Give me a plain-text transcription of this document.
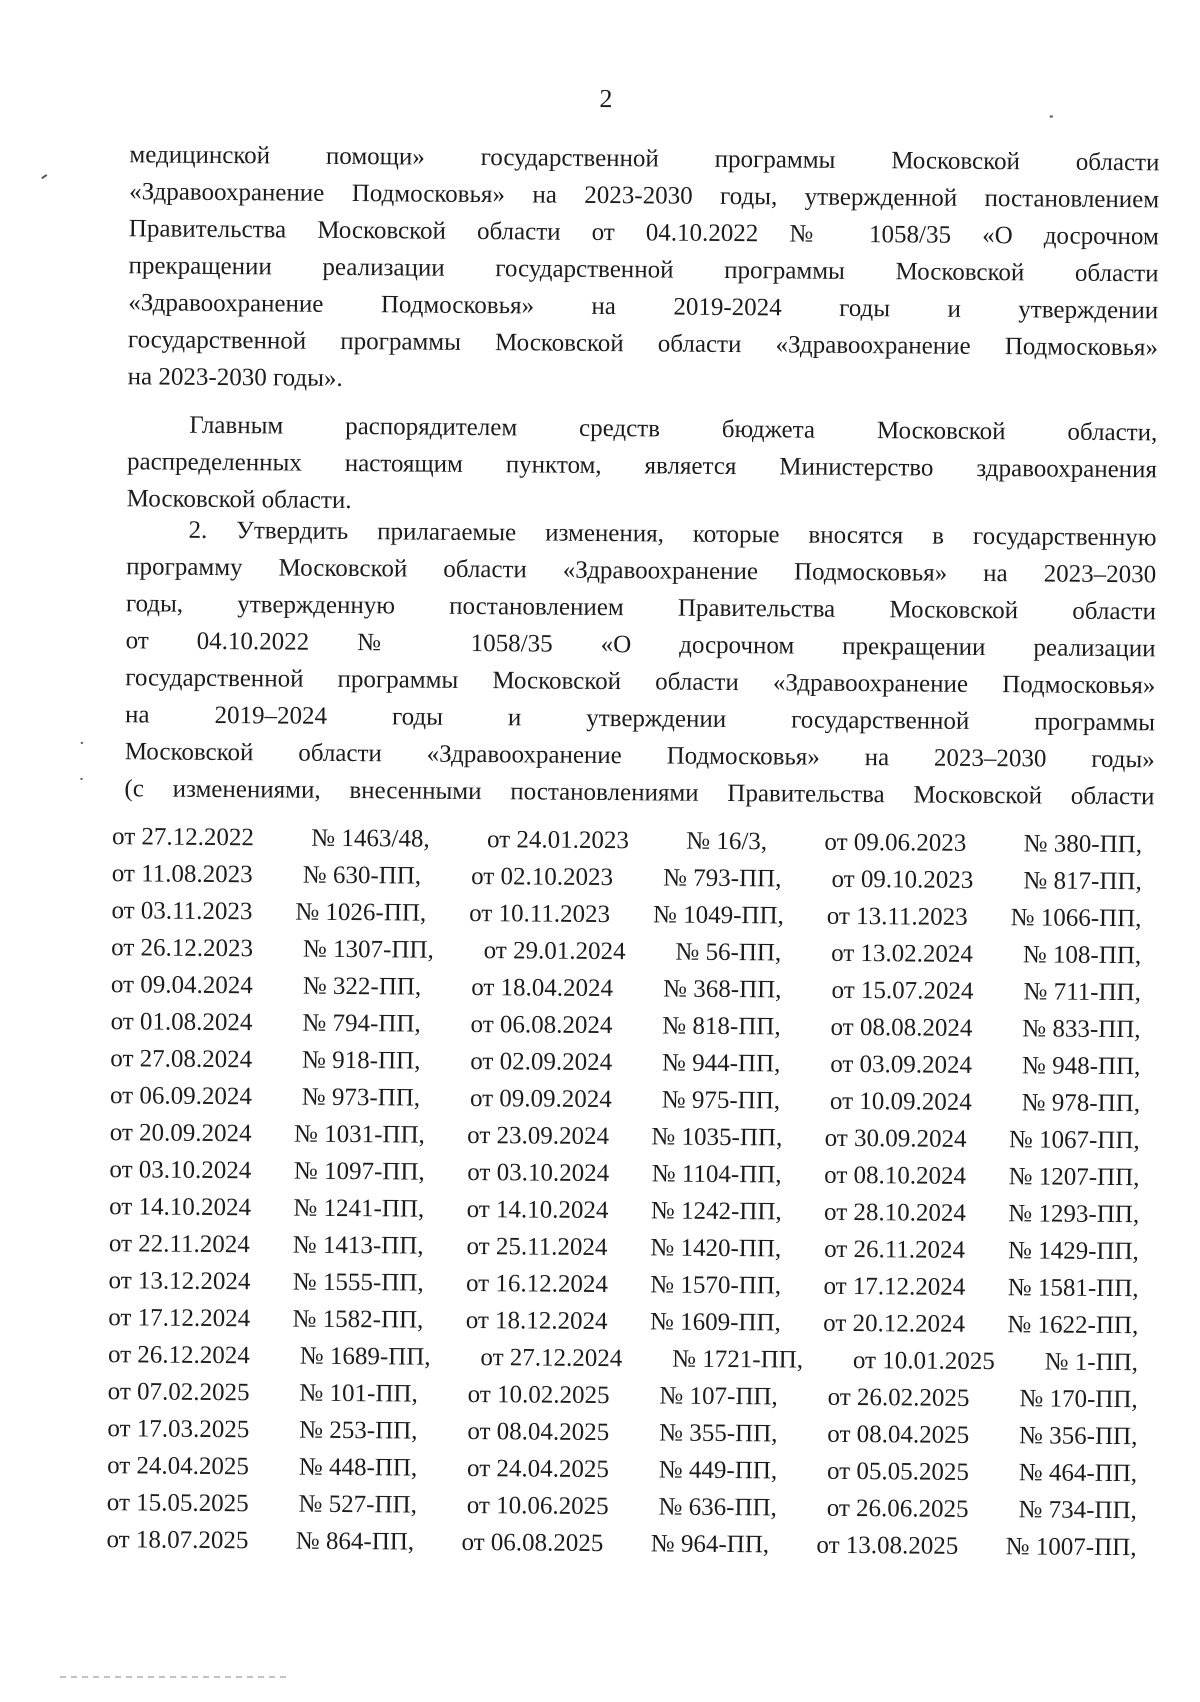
2
медицинской помощи» государственной программы Московской области
«Здравоохранение Подмосковья» на 2023-2030 годы, утвержденной постановлением
Правительства Московской области от 04.10.2022 № 1058/35 «О досрочном
прекращении реализации государственной программы Московской области
«Здравоохранение Подмосковья» на 2019-2024 годы и утверждении
государственной программы Московской области «Здравоохранение Подмосковья»
на 2023-2030 годы».
Главным распорядителем средств бюджета Московской области,
распределенных настоящим пунктом, является Министерство здравоохранения
Московской области.
2. Утвердить прилагаемые изменения, которые вносятся в государственную
программу Московской области «Здравоохранение Подмосковья» на 2023–2030
годы, утвержденную постановлением Правительства Московской области
от 04.10.2022 № 1058/35 «О досрочном прекращении реализации
государственной программы Московской области «Здравоохранение Подмосковья»
на 2019–2024 годы и утверждении государственной программы
Московской области «Здравоохранение Подмосковья» на 2023–2030 годы»
(с изменениями, внесенными постановлениями Правительства Московской области
от 27.12.2022 № 1463/48, от 24.01.2023 № 16/3, от 09.06.2023 № 380-ПП,
от 11.08.2023 № 630-ПП, от 02.10.2023 № 793-ПП, от 09.10.2023 № 817-ПП,
от 03.11.2023 № 1026-ПП, от 10.11.2023 № 1049-ПП, от 13.11.2023 № 1066-ПП,
от 26.12.2023 № 1307-ПП, от 29.01.2024 № 56-ПП, от 13.02.2024 № 108-ПП,
от 09.04.2024 № 322-ПП, от 18.04.2024 № 368-ПП, от 15.07.2024 № 711-ПП,
от 01.08.2024 № 794-ПП, от 06.08.2024 № 818-ПП, от 08.08.2024 № 833-ПП,
от 27.08.2024 № 918-ПП, от 02.09.2024 № 944-ПП, от 03.09.2024 № 948-ПП,
от 06.09.2024 № 973-ПП, от 09.09.2024 № 975-ПП, от 10.09.2024 № 978-ПП,
от 20.09.2024 № 1031-ПП, от 23.09.2024 № 1035-ПП, от 30.09.2024 № 1067-ПП,
от 03.10.2024 № 1097-ПП, от 03.10.2024 № 1104-ПП, от 08.10.2024 № 1207-ПП,
от 14.10.2024 № 1241-ПП, от 14.10.2024 № 1242-ПП, от 28.10.2024 № 1293-ПП,
от 22.11.2024 № 1413-ПП, от 25.11.2024 № 1420-ПП, от 26.11.2024 № 1429-ПП,
от 13.12.2024 № 1555-ПП, от 16.12.2024 № 1570-ПП, от 17.12.2024 № 1581-ПП,
от 17.12.2024 № 1582-ПП, от 18.12.2024 № 1609-ПП, от 20.12.2024 № 1622-ПП,
от 26.12.2024 № 1689-ПП, от 27.12.2024 № 1721-ПП, от 10.01.2025 № 1-ПП,
от 07.02.2025 № 101-ПП, от 10.02.2025 № 107-ПП, от 26.02.2025 № 170-ПП,
от 17.03.2025 № 253-ПП, от 08.04.2025 № 355-ПП, от 08.04.2025 № 356-ПП,
от 24.04.2025 № 448-ПП, от 24.04.2025 № 449-ПП, от 05.05.2025 № 464-ПП,
от 15.05.2025 № 527-ПП, от 10.06.2025 № 636-ПП, от 26.06.2025 № 734-ПП,
от 18.07.2025 № 864-ПП, от 06.08.2025 № 964-ПП, от 13.08.2025 № 1007-ПП,
